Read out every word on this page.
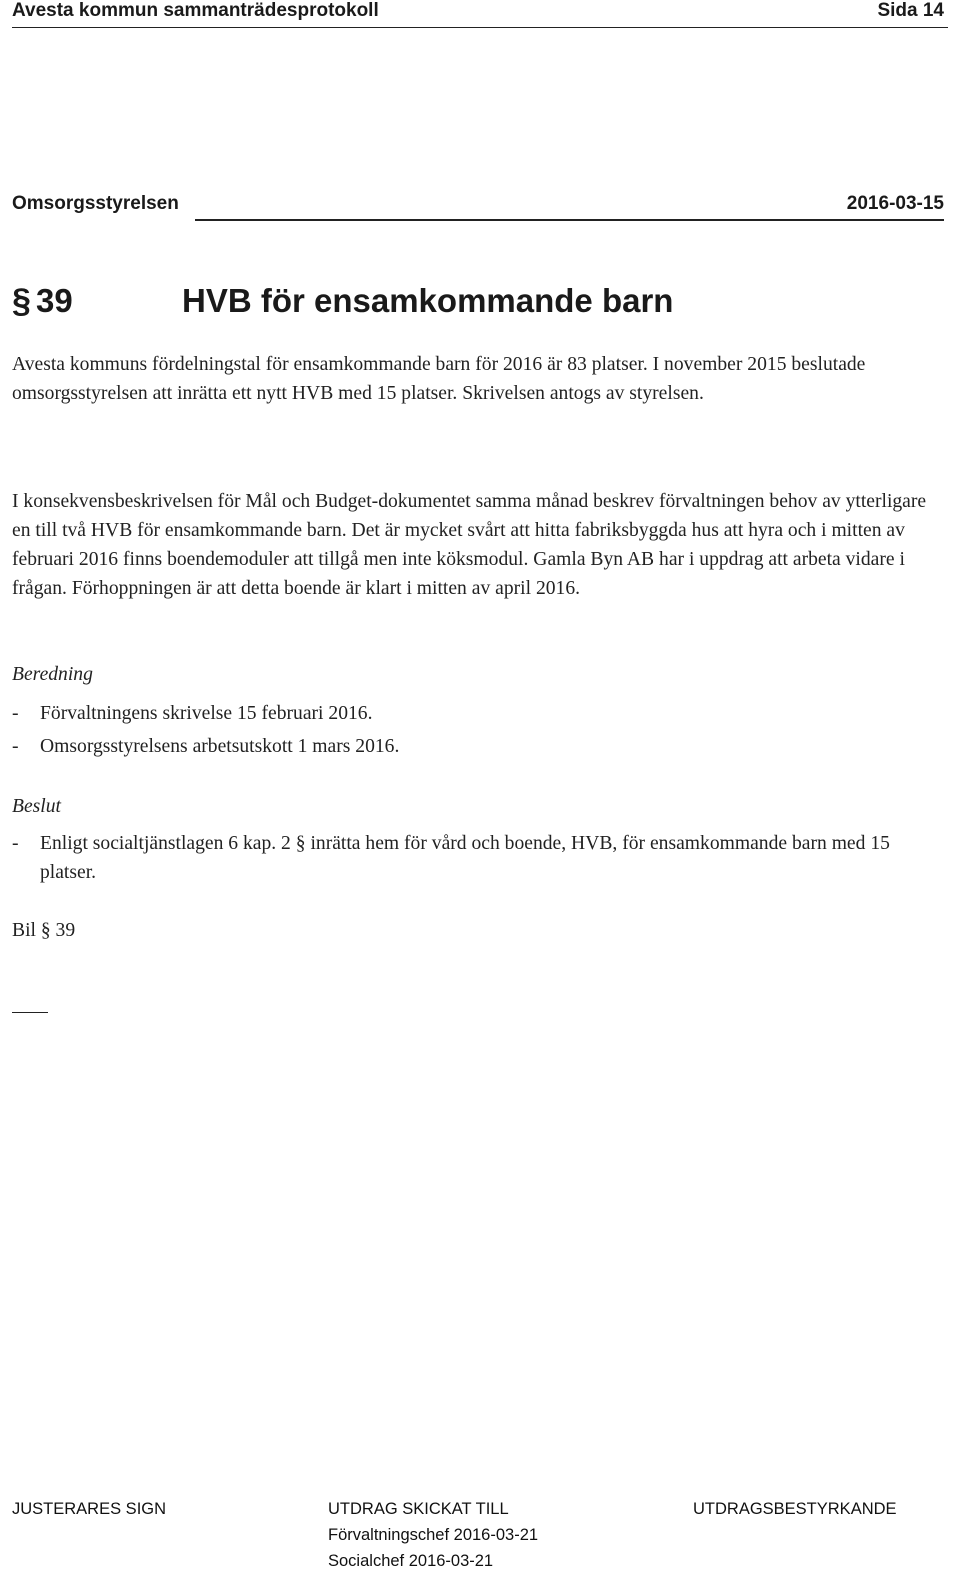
Avesta kommun sammanträdesprotokoll	Sida 14
Omsorgsstyrelsen	2016-03-15
§ 39	HVB för ensamkommande barn
Avesta kommuns fördelningstal för ensamkommande barn för 2016 är 83 platser. I november 2015 beslutade omsorgsstyrelsen att inrätta ett nytt HVB med 15 platser. Skrivelsen antogs av styrelsen.
I konsekvensbeskrivelsen för Mål och Budget-dokumentet samma månad beskrev förvaltningen behov av ytterligare en till två HVB för ensamkommande barn. Det är mycket svårt att hitta fabriksbyggda hus att hyra och i mitten av februari 2016 finns boendemoduler att tillgå men inte köksmodul. Gamla Byn AB har i uppdrag att arbeta vidare i frågan. Förhoppningen är att detta boende är klart i mitten av april 2016.
Beredning
-	Förvaltningens skrivelse 15 februari 2016.
-	Omsorgsstyrelsens arbetsutskott 1 mars 2016.
Beslut
-	Enligt socialtjänstlagen 6 kap. 2 § inrätta hem för vård och boende, HVB, för ensamkommande barn med 15 platser.
Bil § 39
JUSTERARES SIGN	UTDRAG SKICKAT TILL
Förvaltningschef 2016-03-21
Socialchef 2016-03-21
UTDRAGSBESTYRKANDE
